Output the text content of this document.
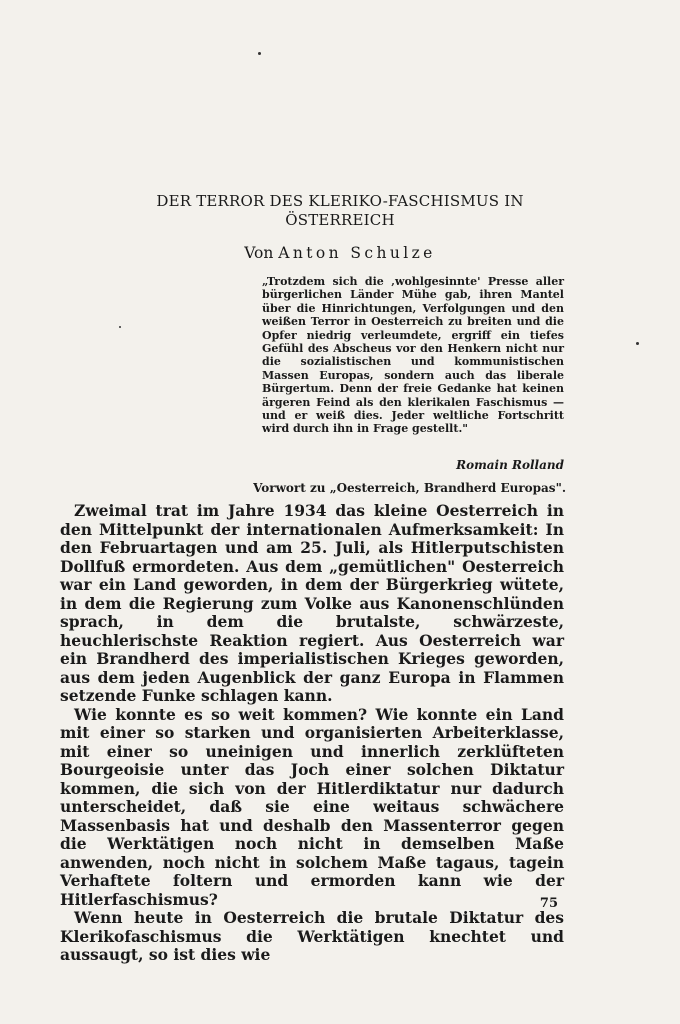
DER TERROR DES KLERIKO-FASCHISMUS IN
ÖSTERREICH
Von Anton Schulze
„Trotzdem sich die ‚wohlgesinnte' Presse aller bürgerlichen Länder Mühe gab, ihren Mantel über die Hinrichtungen, Verfolgungen und den weißen Terror in Oesterreich zu breiten und die Opfer niedrig verleumdete, ergriff ein tiefes Gefühl des Abscheus vor den Henkern nicht nur die sozialistischen und kommunistischen Massen Europas, sondern auch das liberale Bürgertum. Denn der freie Gedanke hat keinen ärgeren Feind als den klerikalen Faschismus — und er weiß dies. Jeder weltliche Fortschritt wird durch ihn in Frage gestellt."
Romain Rolland
Vorwort zu „Oesterreich, Brandherd Europas".

Zweimal trat im Jahre 1934 das kleine Oesterreich in den Mittelpunkt der internationalen Aufmerksamkeit: In den Februartagen und am 25. Juli, als Hitlerputschisten Dollfuß ermordeten. Aus dem „gemütlichen" Oesterreich war ein Land geworden, in dem der Bürgerkrieg wütete, in dem die Regierung zum Volke aus Kanonenschlünden sprach, in dem die brutalste, schwärzeste, heuchlerischste Reaktion regiert. Aus Oesterreich war ein Brandherd des imperialistischen Krieges geworden, aus dem jeden Augenblick der ganz Europa in Flammen setzende Funke schlagen kann.

Wie konnte es so weit kommen? Wie konnte ein Land mit einer so starken und organisierten Arbeiterklasse, mit einer so uneinigen und innerlich zerklüfteten Bourgeoisie unter das Joch einer solchen Diktatur kommen, die sich von der Hitlerdiktatur nur dadurch unterscheidet, daß sie eine weitaus schwächere Massenbasis hat und deshalb den Massenterror gegen die Werktätigen noch nicht in demselben Maße anwenden, noch nicht in solchem Maße tagaus, tagein Verhaftete foltern und ermorden kann wie der Hitlerfaschismus?

Wenn heute in Oesterreich die brutale Diktatur des Klerikofaschismus die Werktätigen knechtet und aussaugt, so ist dies wie

75
